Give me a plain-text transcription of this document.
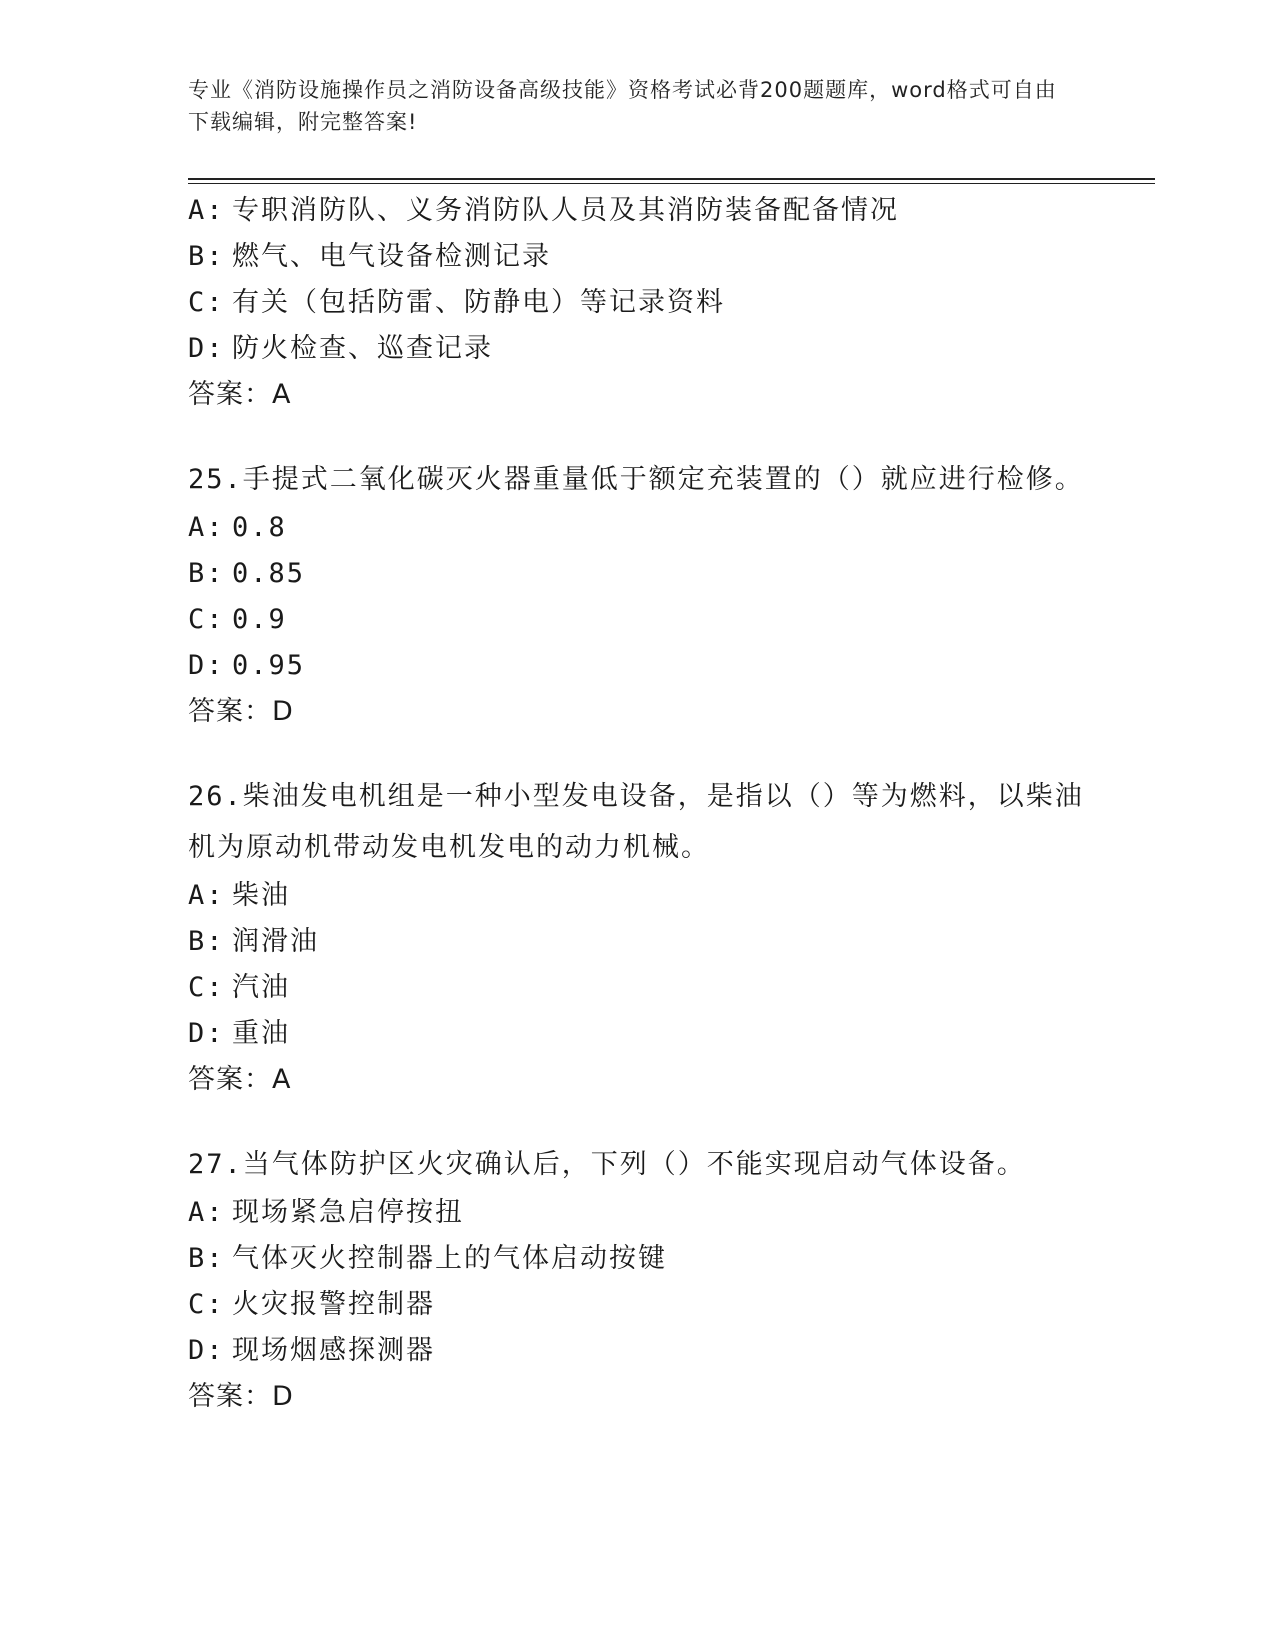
专业《消防设施操作员之消防设备高级技能》资格考试必背200题题库，word格式可自由下载编辑，附完整答案!
A: 专职消防队、义务消防队人员及其消防装备配备情况
B: 燃气、电气设备检测记录
C: 有关（包括防雷、防静电）等记录资料
D: 防火检查、巡查记录
答案：A
25.手提式二氧化碳灭火器重量低于额定充装置的（）就应进行检修。
A: 0.8
B: 0.85
C: 0.9
D: 0.95
答案：D
26.柴油发电机组是一种小型发电设备，是指以（）等为燃料，以柴油机为原动机带动发电机发电的动力机械。
A: 柴油
B: 润滑油
C: 汽油
D: 重油
答案：A
27.当气体防护区火灾确认后，下列（）不能实现启动气体设备。
A: 现场紧急启停按扭
B: 气体灭火控制器上的气体启动按键
C: 火灾报警控制器
D: 现场烟感探测器
答案：D
